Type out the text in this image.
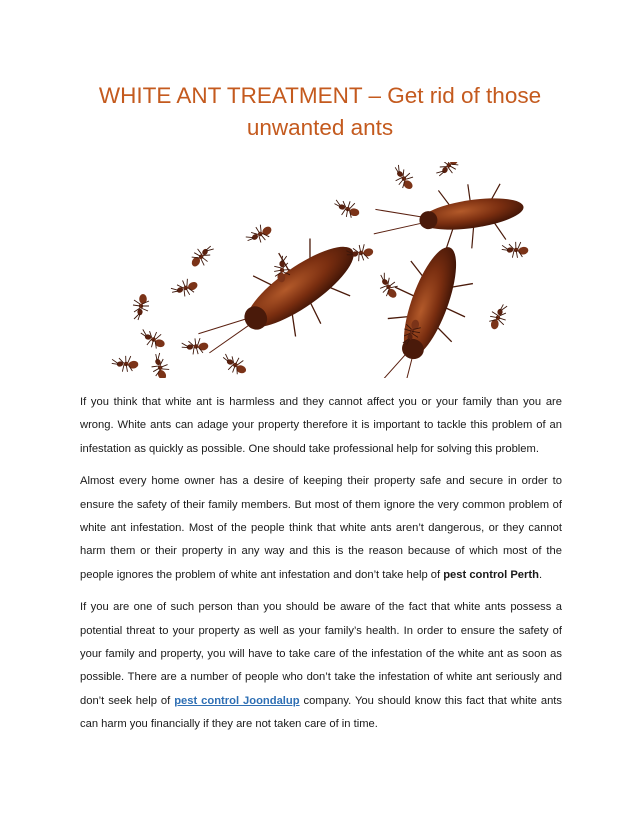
WHITE ANT TREATMENT – Get rid of those
unwanted ants

If you think that white ant is harmless and they cannot affect you or your family than you are wrong. White ants can adage your property therefore it is important to tackle this problem of an infestation as quickly as possible. One should take professional help for solving this problem.

Almost every home owner has a desire of keeping their property safe and secure in order to ensure the safety of their family members. But most of them ignore the very common problem of white ant infestation. Most of the people think that white ants aren’t dangerous, or they cannot harm them or their property in any way and this is the reason because of which most of the people ignores the problem of white ant infestation and don’t take help of pest control Perth.

If you are one of such person than you should be aware of the fact that white ants possess a potential threat to your property as well as your family’s health. In order to ensure the safety of your family and property, you will have to take care of the infestation of the white ant as soon as possible. There are a number of people who don’t take the infestation of white ant seriously and don’t seek help of pest control Joondalup company. You should know this fact that white ants can harm you financially if they are not taken care of in time.
